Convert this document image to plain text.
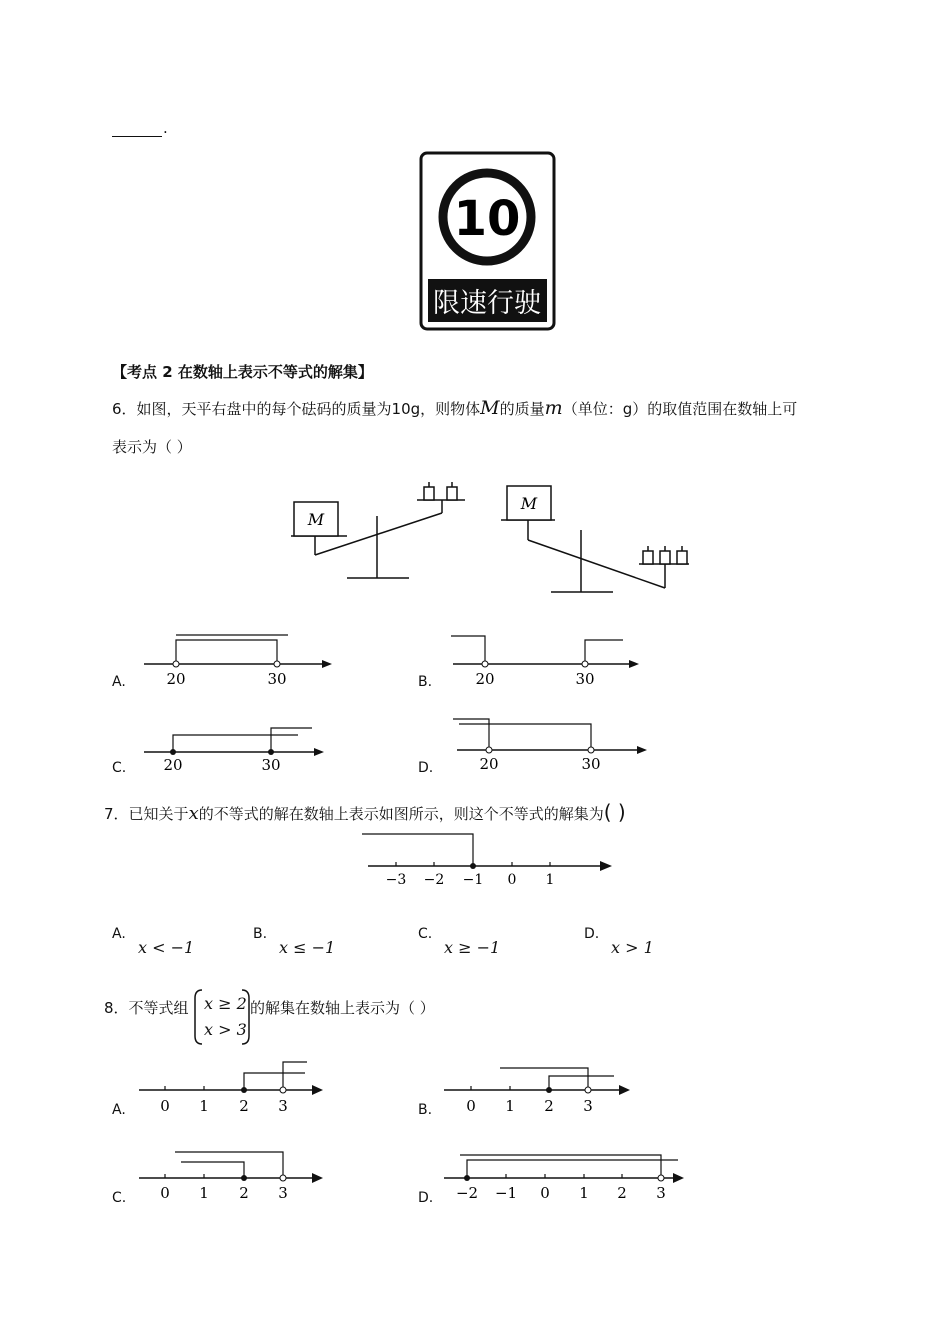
.
10
限速行驶
【考点 2 在数轴上表示不等式的解集】
6．如图，天平右盘中的每个砝码的质量为10g，则物体M的质量m（单位：g）的取值范围在数轴上可
表示为（ ）
M
M
A.	20	30	B.	20	30
C. 20	30	D.	20	30
7．已知关于x的不等式的解在数轴上表示如图所示，则这个不等式的解集为( )
−3 −2 −1 0 1
A.
x < −1
B.
x ≤ −1
C.
x ≥ −1
D.
x > 1
8．不等式组 x ≥ 2
x > 3
的解集在数轴上表示为（ ）
A. 0 1 2 3	B. 0 1 2 3
C. 0 1 2 3	D. −2 −1 0 1 2 3
